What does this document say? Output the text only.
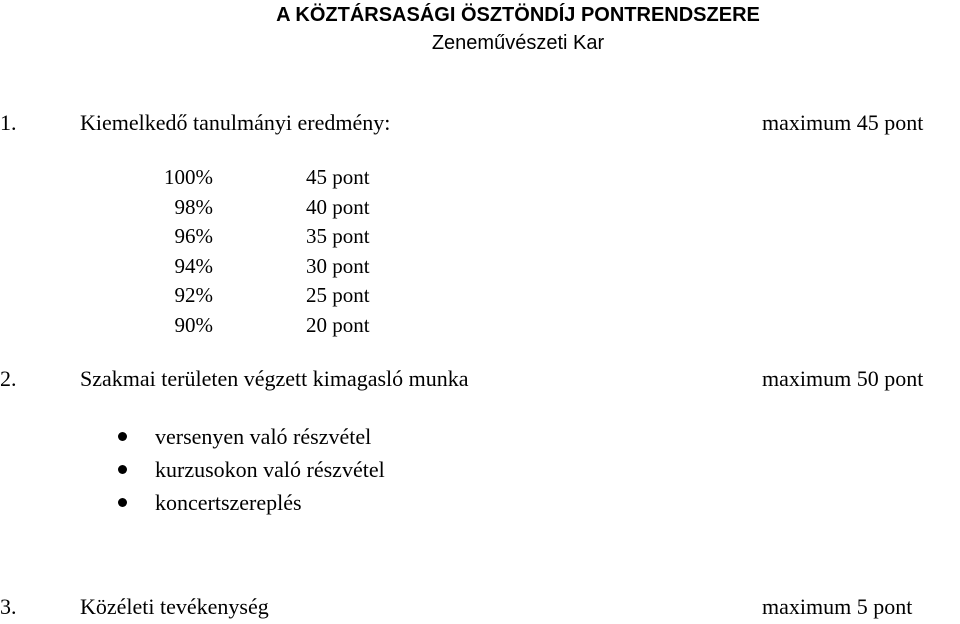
A KÖZTÁRSASÁGI ÖSZTÖNDÍJ PONTRENDSZERE
Zeneművészeti Kar
1.	Kiemelkedő tanulmányi eredmény:	maximum 45 pont
100%	45 pont
98%	40 pont
96%	35 pont
94%	30 pont
92%	25 pont
90%	20 pont
2.	Szakmai területen végzett kimagasló munka	maximum 50 pont
versenyen való részvétel
kurzusokon való részvétel
koncertszereplés
3.	Közéleti tevékenység	maximum 5 pont
